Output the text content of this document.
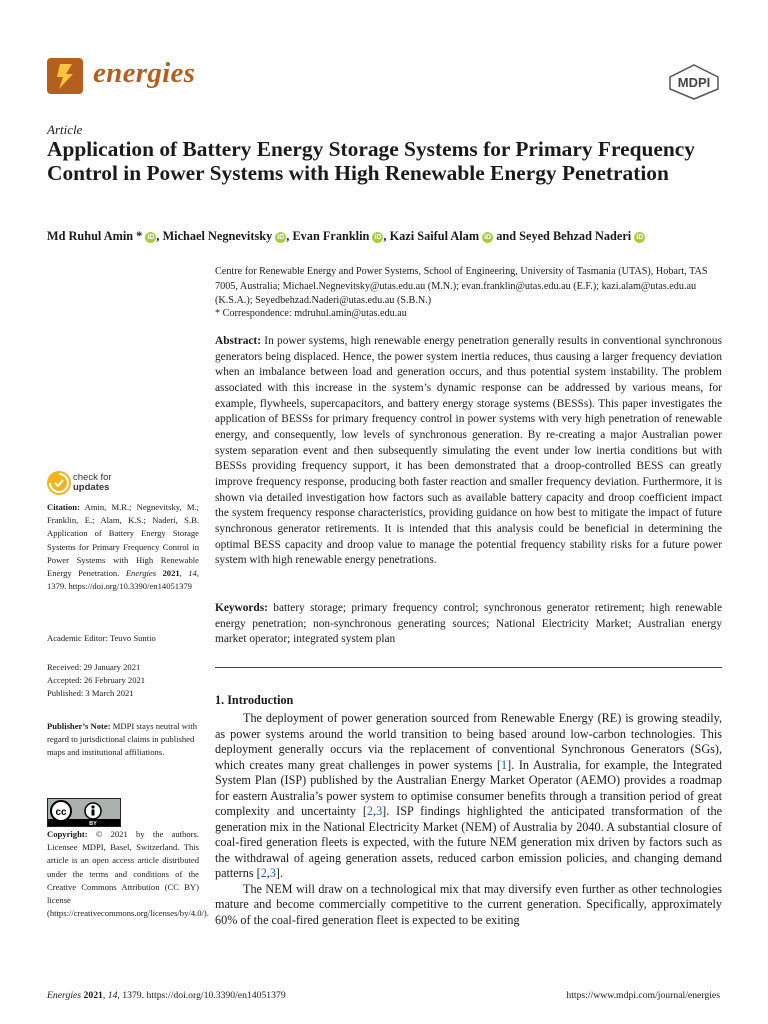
energies	MDPI
Article
Application of Battery Energy Storage Systems for Primary Frequency Control in Power Systems with High Renewable Energy Penetration
Md Ruhul Amin * iD , Michael Negnevitsky iD , Evan Franklin iD , Kazi Saiful Alam iD and Seyed Behzad Naderi iD
Centre for Renewable Energy and Power Systems, School of Engineering, University of Tasmania (UTAS), Hobart, TAS 7005, Australia; Michael.Negnevitsky@utas.edu.au (M.N.); evan.franklin@utas.edu.au (E.F.); kazi.alam@utas.edu.au (K.S.A.); Seyedbehzad.Naderi@utas.edu.au (S.B.N.)
* Correspondence: mdruhul.amin@utas.edu.au
Abstract: In power systems, high renewable energy penetration generally results in conventional synchronous generators being displaced. Hence, the power system inertia reduces, thus causing a larger frequency deviation when an imbalance between load and generation occurs, and thus potential system instability. The problem associated with this increase in the system’s dynamic response can be addressed by various means, for example, flywheels, supercapacitors, and battery energy storage systems (BESSs). This paper investigates the application of BESSs for primary frequency control in power systems with very high penetration of renewable energy, and consequently, low levels of synchronous generation. By re-creating a major Australian power system separation event and then subsequently simulating the event under low inertia conditions but with BESSs providing frequency support, it has been demonstrated that a droop-controlled BESS can greatly improve frequency response, producing both faster reaction and smaller frequency deviation. Furthermore, it is shown via detailed investigation how factors such as available battery capacity and droop coefficient impact the system frequency response characteristics, providing guidance on how best to mitigate the impact of future synchronous generator retirements. It is intended that this analysis could be beneficial in determining the optimal BESS capacity and droop value to manage the potential frequency stability risks for a future power system with high renewable energy penetrations.
Keywords: battery storage; primary frequency control; synchronous generator retirement; high renewable energy penetration; non-synchronous generating sources; National Electricity Market; Australian energy market operator; integrated system plan
1. Introduction

The deployment of power generation sourced from Renewable Energy (RE) is growing steadily, as power systems around the world transition to being based around low-carbon technologies. This deployment generally occurs via the replacement of conventional Synchronous Generators (SGs), which creates many great challenges in power systems [1]. In Australia, for example, the Integrated System Plan (ISP) published by the Australian Energy Market Operator (AEMO) provides a roadmap for eastern Australia’s power system to optimise consumer benefits through a transition period of great complexity and uncertainty [2,3]. ISP findings highlighted the anticipated transformation of the generation mix in the National Electricity Market (NEM) of Australia by 2040. A substantial closure of coal-fired generation fleets is expected, with the future NEM generation mix driven by factors such as the withdrawal of ageing generation assets, reduced carbon emission policies, and changing demand patterns [2,3].

The NEM will draw on a technological mix that may diversify even further as other technologies mature and become commercially competitive to the current generation. Specifically, approximately 60% of the coal-fired generation fleet is expected to be exiting

check for
updates
Citation: Amin, M.R.; Negnevitsky, M.; Franklin, E.; Alam, K.S.; Naderi, S.B. Application of Battery Energy Storage Systems for Primary Frequency Control in Power Systems with High Renewable Energy Penetration. Energies 2021, 14, 1379. https://doi.org/10.3390/en14051379
Academic Editor: Teuvo Suntio
Received: 29 January 2021
Accepted: 26 February 2021
Published: 3 March 2021
Publisher’s Note: MDPI stays neutral with regard to jurisdictional claims in published maps and institutional affiliations.
cc
BY
Copyright: © 2021 by the authors. Licensee MDPI, Basel, Switzerland. This article is an open access article distributed under the terms and conditions of the Creative Commons Attribution (CC BY) license (https://creativecommons.org/licenses/by/4.0/).
Energies 2021, 14, 1379. https://doi.org/10.3390/en14051379	https://www.mdpi.com/journal/energies
